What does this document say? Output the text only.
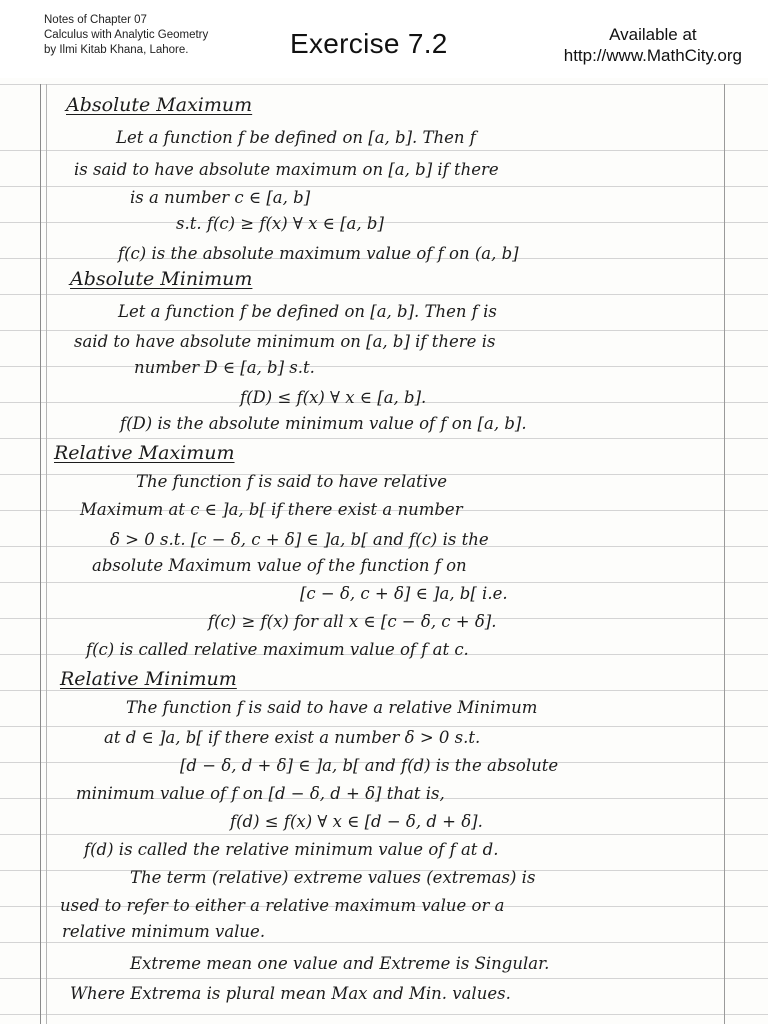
Notes of Chapter 07
Calculus with Analytic Geometry
by Ilmi Kitab Khana, Lahore.	Exercise 7.2	Available at
http://www.MathCity.org
Absolute Maximum
Let a function f be defined on [a, b]. Then f
is said to have absolute maximum on [a, b] if there
is a number c ∈ [a, b]
s.t. f(c) ≥ f(x) ∀ x ∈ [a, b]
f(c) is the absolute maximum value of f on (a, b]
Absolute Minimum
Let a function f be defined on [a, b]. Then f is
said to have absolute minimum on [a, b] if there is
number D ∈ [a, b] s.t.
f(D) ≤ f(x) ∀ x ∈ [a, b].
f(D) is the absolute minimum value of f on [a, b].
Relative Maximum
The function f is said to have relative
Maximum at c ∈ ]a, b[ if there exist a number
δ > 0 s.t. [c − δ, c + δ] ∈ ]a, b[ and f(c) is the
absolute Maximum value of the function f on
[c − δ, c + δ] ∈ ]a, b[ i.e.
f(c) ≥ f(x) for all x ∈ [c − δ, c + δ].
f(c) is called relative maximum value of f at c.
Relative Minimum
The function f is said to have a relative Minimum
at d ∈ ]a, b[ if there exist a number δ > 0 s.t.
[d − δ, d + δ] ∈ ]a, b[ and f(d) is the absolute
minimum value of f on [d − δ, d + δ] that is,
f(d) ≤ f(x) ∀ x ∈ [d − δ, d + δ].
f(d) is called the relative minimum value of f at d.
The term (relative) extreme values (extremas) is
used to refer to either a relative maximum value or a
relative minimum value.
Extreme mean one value and Extreme is Singular.
Where Extrema is plural mean Max and Min. values.
